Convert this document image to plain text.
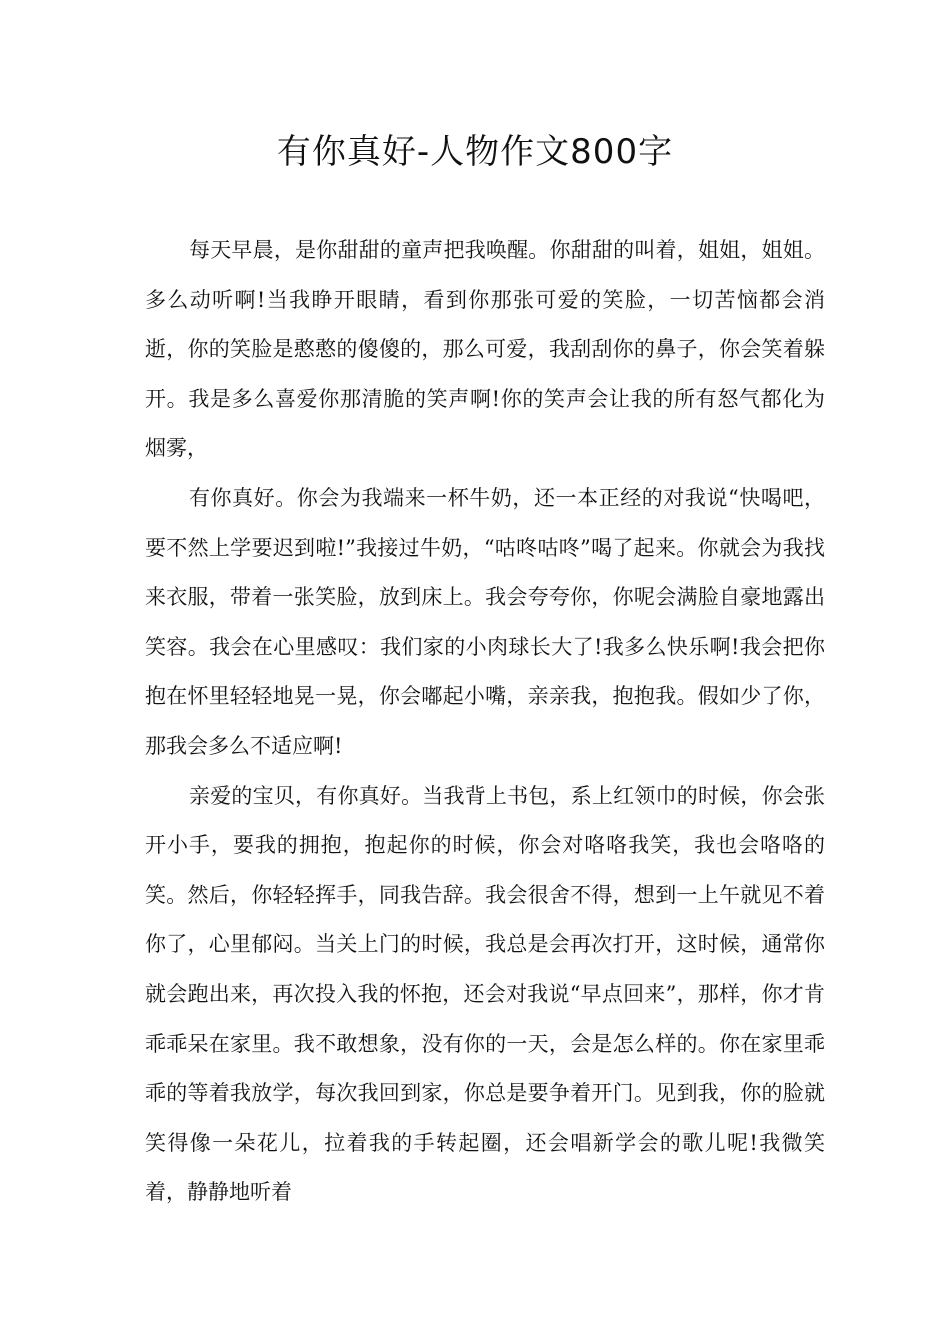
有你真好-人物作文800字

每天早晨，是你甜甜的童声把我唤醒。你甜甜的叫着，姐姐，姐姐。多么动听啊!当我睁开眼睛，看到你那张可爱的笑脸，一切苦恼都会消逝，你的笑脸是憨憨的傻傻的，那么可爱，我刮刮你的鼻子，你会笑着躲开。我是多么喜爱你那清脆的笑声啊!你的笑声会让我的所有怒气都化为烟雾，

有你真好。你会为我端来一杯牛奶，还一本正经的对我说“快喝吧，要不然上学要迟到啦!”我接过牛奶，“咕咚咕咚”喝了起来。你就会为我找来衣服，带着一张笑脸，放到床上。我会夸夸你，你呢会满脸自豪地露出笑容。我会在心里感叹：我们家的小肉球长大了!我多么快乐啊!我会把你抱在怀里轻轻地晃一晃，你会嘟起小嘴，亲亲我，抱抱我。假如少了你，那我会多么不适应啊!

亲爱的宝贝，有你真好。当我背上书包，系上红领巾的时候，你会张开小手，要我的拥抱，抱起你的时候，你会对咯咯我笑，我也会咯咯的笑。然后，你轻轻挥手，同我告辞。我会很舍不得，想到一上午就见不着你了，心里郁闷。当关上门的时候，我总是会再次打开，这时候，通常你就会跑出来，再次投入我的怀抱，还会对我说“早点回来”，那样，你才肯乖乖呆在家里。我不敢想象，没有你的一天，会是怎么样的。你在家里乖乖的等着我放学，每次我回到家，你总是要争着开门。见到我，你的脸就笑得像一朵花儿，拉着我的手转起圈，还会唱新学会的歌儿呢!我微笑着，静静地听着
